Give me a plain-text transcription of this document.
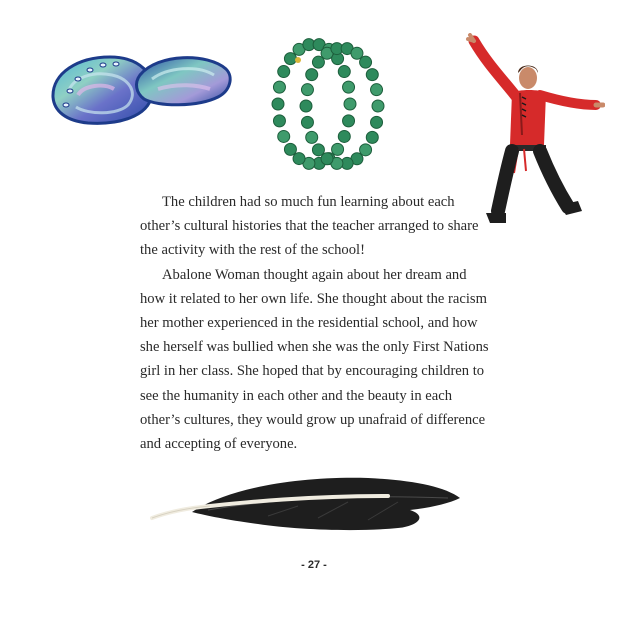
The children had so much fun learning about each other’s cultural histories that the teacher arranged to share the activity with the rest of the school!

Abalone Woman thought again about her dream and how it related to her own life. She thought about the racism her mother experienced in the residential school, and how she herself was bullied when she was the only First Nations girl in her class. She hoped that by encouraging children to see the humanity in each other and the beauty in each other’s cultures, they would grow up unafraid of difference and accepting of everyone.

- 27 -
